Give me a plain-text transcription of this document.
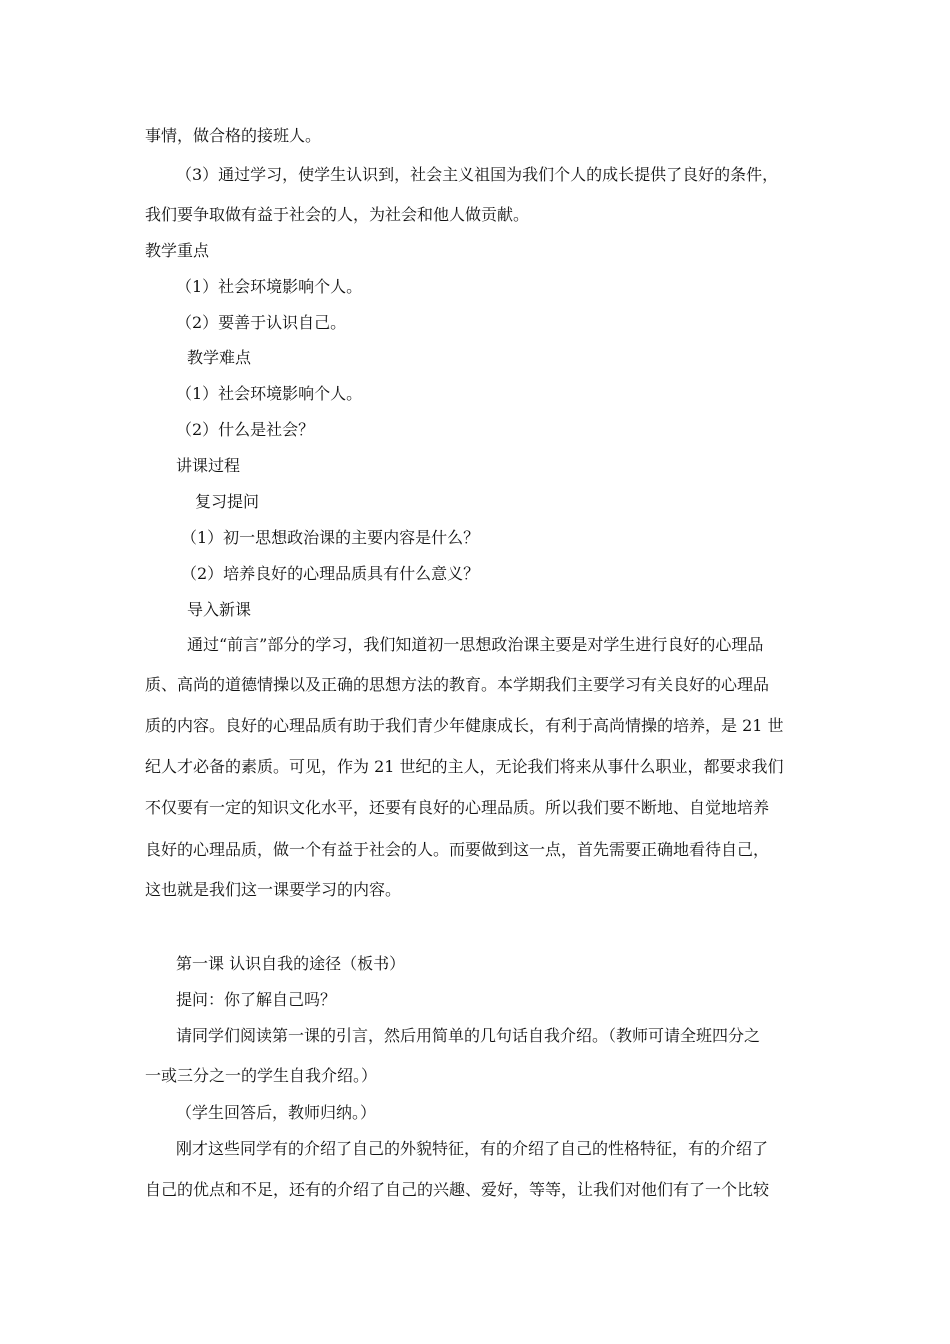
事情，做合格的接班人。
（3）通过学习，使学生认识到，社会主义祖国为我们个人的成长提供了良好的条件，
我们要争取做有益于社会的人，为社会和他人做贡献。
教学重点
（1）社会环境影响个人。
（2）要善于认识自己。
教学难点
（1）社会环境影响个人。
（2）什么是社会？
讲课过程
复习提问
（1）初一思想政治课的主要内容是什么？
（2）培养良好的心理品质具有什么意义？
导入新课
通过“前言”部分的学习，我们知道初一思想政治课主要是对学生进行良好的心理品
质、高尚的道德情操以及正确的思想方法的教育。本学期我们主要学习有关良好的心理品
质的内容。良好的心理品质有助于我们青少年健康成长，有利于高尚情操的培养，是 21 世
纪人才必备的素质。可见，作为 21 世纪的主人，无论我们将来从事什么职业，都要求我们
不仅要有一定的知识文化水平，还要有良好的心理品质。所以我们要不断地、自觉地培养
良好的心理品质，做一个有益于社会的人。而要做到这一点，首先需要正确地看待自己，
这也就是我们这一课要学习的内容。
第一课 认识自我的途径（板书）
提问：你了解自己吗？
请同学们阅读第一课的引言，然后用简单的几句话自我介绍。（教师可请全班四分之
一或三分之一的学生自我介绍。）
（学生回答后，教师归纳。）
刚才这些同学有的介绍了自己的外貌特征，有的介绍了自己的性格特征，有的介绍了
自己的优点和不足，还有的介绍了自己的兴趣、爱好，等等，让我们对他们有了一个比较
